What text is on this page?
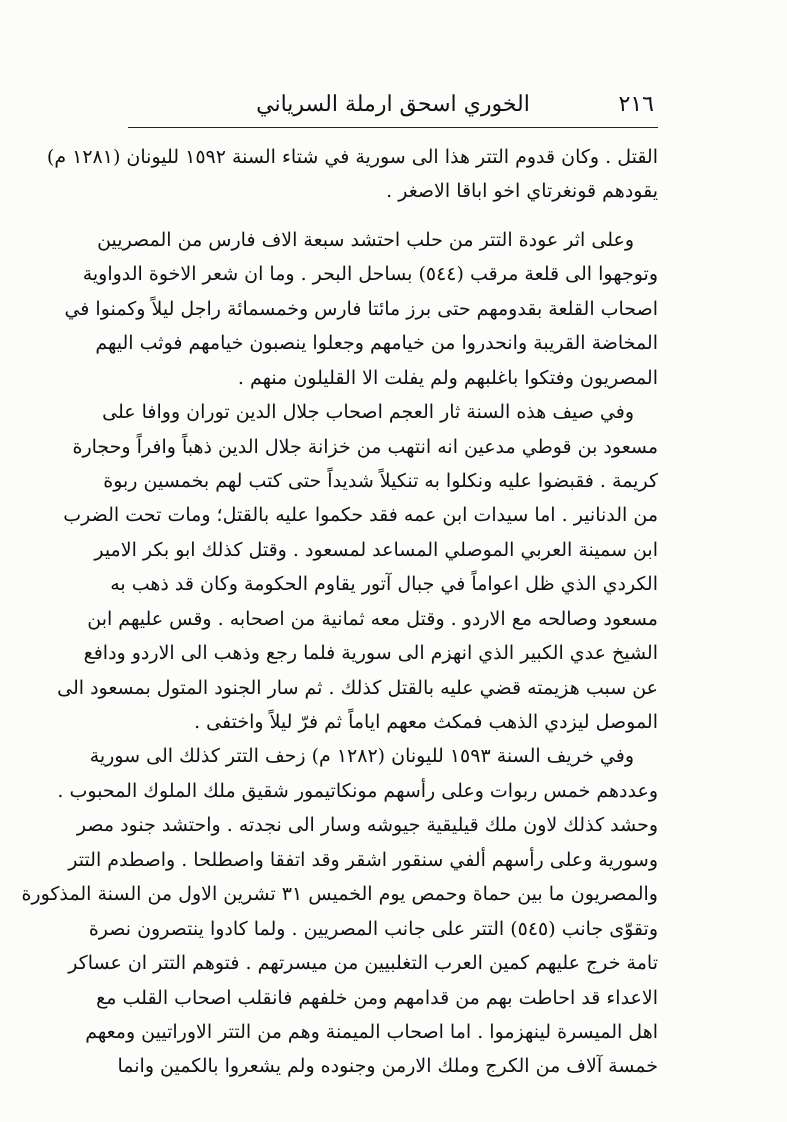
٢١٦
الخوري اسحق ارملة السرياني
القتل . وكان قدوم التتر هذا الى سورية في شتاء السنة ١٥٩٢ لليونان (١٢٨١ م)
يقودهم قونغرتاي اخو اباقا الاصغر .
وعلى اثر عودة التتر من حلب احتشد سبعة الاف فارس من المصريين
وتوجهوا الى قلعة مرقب (٥٤٤) بساحل البحر . وما ان شعر الاخوة الدواوية
اصحاب القلعة بقدومهم حتى برز مائتا فارس وخمسمائة راجل ليلاً وكمنوا في
المخاضة القريبة وانحدروا من خيامهم وجعلوا ينصبون خيامهم فوثب اليهم
المصريون وفتكوا باغلبهم ولم يفلت الا القليلون منهم .
وفي صيف هذه السنة ثار العجم اصحاب جلال الدين توران ووافا على
مسعود بن قوطي مدعين انه انتهب من خزانة جلال الدين ذهباً وافراً وحجارة
كريمة . فقبضوا عليه ونكلوا به تنكيلاً شديداً حتى كتب لهم بخمسين ربوة
من الدنانير . اما سيدات ابن عمه فقد حكموا عليه بالقتل؛ ومات تحت الضرب
ابن سمينة العربي الموصلي المساعد لمسعود . وقتل كذلك ابو بكر الامير
الكردي الذي ظل اعواماً في جبال آتور يقاوم الحكومة وكان قد ذهب به
مسعود وصالحه مع الاردو . وقتل معه ثمانية من اصحابه . وقس عليهم ابن
الشيخ عدي الكبير الذي انهزم الى سورية فلما رجع وذهب الى الاردو ودافع
عن سبب هزيمته قضي عليه بالقتل كذلك . ثم سار الجنود المتول بمسعود الى
الموصل ليزدي الذهب فمكث معهم اياماً ثم فرّ ليلاً واختفى .
وفي خريف السنة ١٥٩٣ لليونان (١٢٨٢ م) زحف التتر كذلك الى سورية
وعددهم خمس ربوات وعلى رأسهم مونكاتيمور شقيق ملك الملوك المحبوب .
وحشد كذلك لاون ملك قيليقية جيوشه وسار الى نجدته . واحتشد جنود مصر
وسورية وعلى رأسهم ألفي سنقور اشقر وقد اتفقا واصطلحا . واصطدم التتر
والمصريون ما بين حماة وحمص يوم الخميس ٣١ تشرين الاول من السنة المذكورة
وتقوّى جانب (٥٤٥) التتر على جانب المصريين . ولما كادوا ينتصرون نصرة
تامة خرج عليهم كمين العرب التغلبيين من ميسرتهم . فتوهم التتر ان عساكر
الاعداء قد احاطت بهم من قدامهم ومن خلفهم فانقلب اصحاب القلب مع
اهل الميسرة لينهزموا . اما اصحاب الميمنة وهم من التتر الاوراتيين ومعهم
خمسة آلاف من الكرج وملك الارمن وجنوده ولم يشعروا بالكمين وانما
